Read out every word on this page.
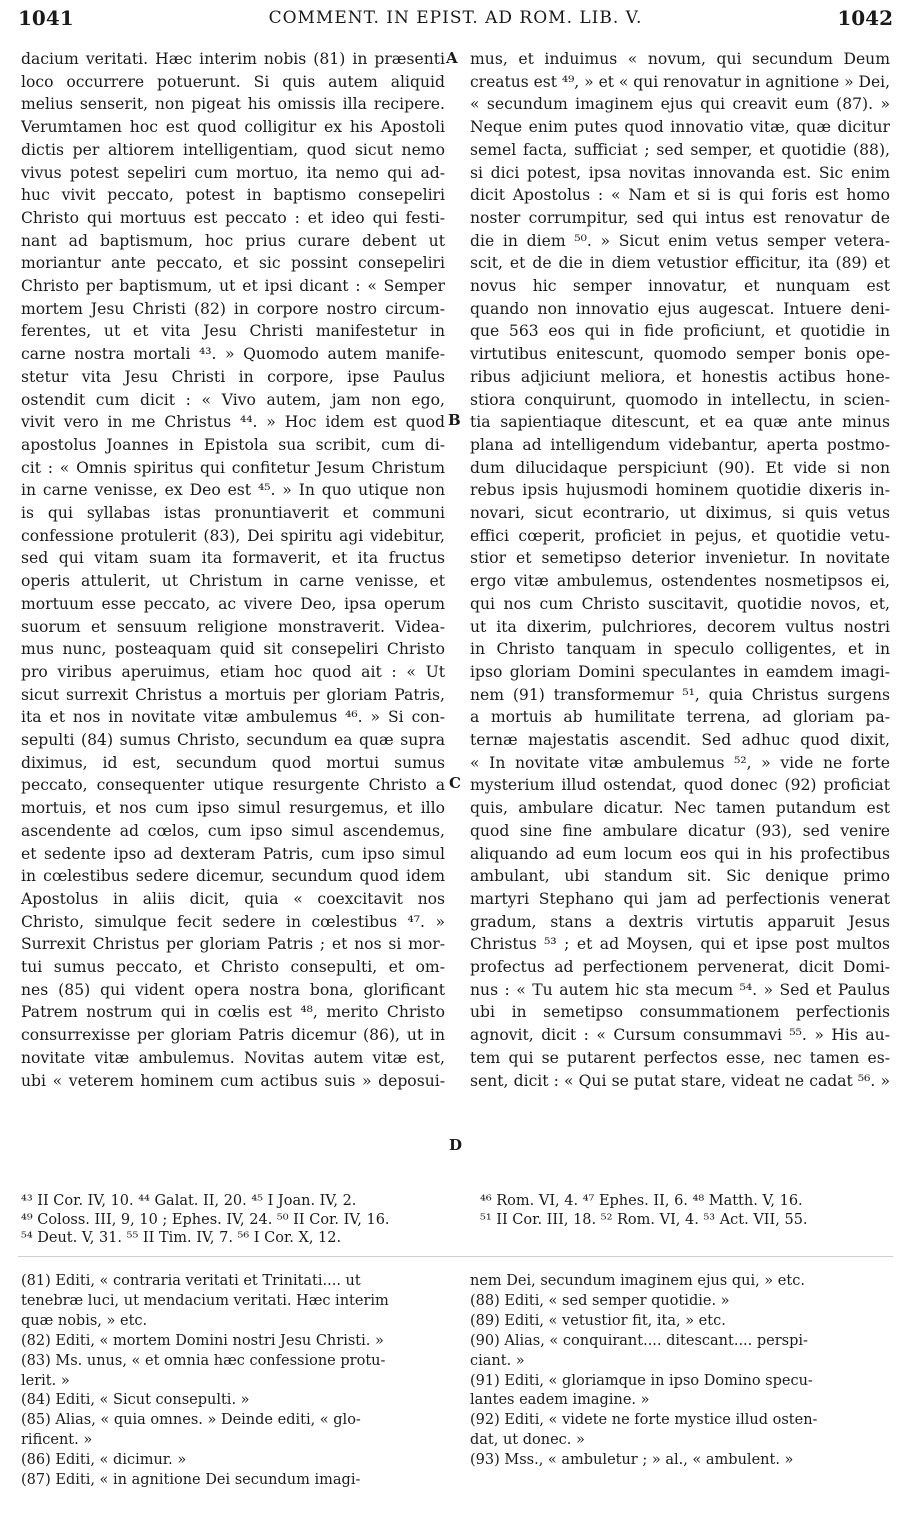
1041	COMMENT. IN EPIST. AD ROM. LIB. V.	1042
dacium veritati. Hæc interim nobis (81) in præsenti
loco occurrere potuerunt. Si quis autem aliquid
melius senserit, non pigeat his omissis illa recipere.
Verumtamen hoc est quod colligitur ex his Apostoli
dictis per altiorem intelligentiam, quod sicut nemo
vivus potest sepeliri cum mortuo, ita nemo qui ad-
huc vivit peccato, potest in baptismo consepeliri
Christo qui mortuus est peccato : et ideo qui festi-
nant ad baptismum, hoc prius curare debent ut
moriantur ante peccato, et sic possint consepeliri
Christo per baptismum, ut et ipsi dicant : « Semper
mortem Jesu Christi (82) in corpore nostro circum-
ferentes, ut et vita Jesu Christi manifestetur in
carne nostra mortali ⁴³. » Quomodo autem manife-
stetur vita Jesu Christi in corpore, ipse Paulus
ostendit cum dicit : « Vivo autem, jam non ego,
vivit vero in me Christus ⁴⁴. » Hoc idem est quod
apostolus Joannes in Epistola sua scribit, cum di-
cit : « Omnis spiritus qui confitetur Jesum Christum
in carne venisse, ex Deo est ⁴⁵. » In quo utique non
is qui syllabas istas pronuntiaverit et communi
confessione protulerit (83), Dei spiritu agi videbitur,
sed qui vitam suam ita formaverit, et ita fructus
operis attulerit, ut Christum in carne venisse, et
mortuum esse peccato, ac vivere Deo, ipsa operum
suorum et sensuum religione monstraverit. Videa-
mus nunc, posteaquam quid sit consepeliri Christo
pro viribus aperuimus, etiam hoc quod ait : « Ut
sicut surrexit Christus a mortuis per gloriam Patris,
ita et nos in novitate vitæ ambulemus ⁴⁶. » Si con-
sepulti (84) sumus Christo, secundum ea quæ supra
diximus, id est, secundum quod mortui sumus
peccato, consequenter utique resurgente Christo a
mortuis, et nos cum ipso simul resurgemus, et illo
ascendente ad cœlos, cum ipso simul ascendemus,
et sedente ipso ad dexteram Patris, cum ipso simul
in cœlestibus sedere dicemur, secundum quod idem
Apostolus in aliis dicit, quia « coexcitavit nos
Christo, simulque fecit sedere in cœlestibus ⁴⁷. »
Surrexit Christus per gloriam Patris ; et nos si mor-
tui sumus peccato, et Christo consepulti, et om-
nes (85) qui vident opera nostra bona, glorificant
Patrem nostrum qui in cœlis est ⁴⁸, merito Christo
consurrexisse per gloriam Patris dicemur (86), ut in
novitate vitæ ambulemus. Novitas autem vitæ est,
ubi « veterem hominem cum actibus suis » deposui-
mus, et induimus « novum, qui secundum Deum
creatus est ⁴⁹, » et « qui renovatur in agnitione » Dei,
« secundum imaginem ejus qui creavit eum (87). »
Neque enim putes quod innovatio vitæ, quæ dicitur
semel facta, sufficiat ; sed semper, et quotidie (88),
si dici potest, ipsa novitas innovanda est. Sic enim
dicit Apostolus : « Nam et si is qui foris est homo
noster corrumpitur, sed qui intus est renovatur de
die in diem ⁵⁰. » Sicut enim vetus semper vetera-
scit, et de die in diem vetustior efficitur, ita (89) et
novus hic semper innovatur, et nunquam est
quando non innovatio ejus augescat. Intuere deni-
que 563 eos qui in fide proficiunt, et quotidie in
virtutibus enitescunt, quomodo semper bonis ope-
ribus adjiciunt meliora, et honestis actibus hone-
stiora conquirunt, quomodo in intellectu, in scien-
tia sapientiaque ditescunt, et ea quæ ante minus
plana ad intelligendum videbantur, aperta postmo-
dum dilucidaque perspiciunt (90). Et vide si non
rebus ipsis hujusmodi hominem quotidie dixeris in-
novari, sicut econtrario, ut diximus, si quis vetus
effici cœperit, proficiet in pejus, et quotidie vetu-
stior et semetipso deterior invenietur. In novitate
ergo vitæ ambulemus, ostendentes nosmetipsos ei,
qui nos cum Christo suscitavit, quotidie novos, et,
ut ita dixerim, pulchriores, decorem vultus nostri
in Christo tanquam in speculo colligentes, et in
ipso gloriam Domini speculantes in eamdem imagi-
nem (91) transformemur ⁵¹, quia Christus surgens
a mortuis ab humilitate terrena, ad gloriam pa-
ternæ majestatis ascendit. Sed adhuc quod dixit,
« In novitate vitæ ambulemus ⁵², » vide ne forte
mysterium illud ostendat, quod donec (92) proficiat
quis, ambulare dicatur. Nec tamen putandum est
quod sine fine ambulare dicatur (93), sed venire
aliquando ad eum locum eos qui in his profectibus
ambulant, ubi standum sit. Sic denique primo
martyri Stephano qui jam ad perfectionis venerat
gradum, stans a dextris virtutis apparuit Jesus
Christus ⁵³ ; et ad Moysen, qui et ipse post multos
profectus ad perfectionem pervenerat, dicit Domi-
nus : « Tu autem hic sta mecum ⁵⁴. » Sed et Paulus
ubi in semetipso consummationem perfectionis
agnovit, dicit : « Cursum consummavi ⁵⁵. » His au-
tem qui se putarent perfectos esse, nec tamen es-
sent, dicit : « Qui se putat stare, videat ne cadat ⁵⁶. »
A
B
C
D
⁴³ II Cor. IV, 10. ⁴⁴ Galat. II, 20. ⁴⁵ I Joan. IV, 2.
⁴⁹ Coloss. III, 9, 10 ; Ephes. IV, 24. ⁵⁰ II Cor. IV, 16.
⁵⁴ Deut. V, 31. ⁵⁵ II Tim. IV, 7. ⁵⁶ I Cor. X, 12.
⁴⁶ Rom. VI, 4. ⁴⁷ Ephes. II, 6. ⁴⁸ Matth. V, 16.
⁵¹ II Cor. III, 18. ⁵² Rom. VI, 4. ⁵³ Act. VII, 55.
(81) Editi, « contraria veritati et Trinitati.... ut
tenebræ luci, ut mendacium veritati. Hæc interim
quæ nobis, » etc.
(82) Editi, « mortem Domini nostri Jesu Christi. »
(83) Ms. unus, « et omnia hæc confessione protu-
lerit. »
(84) Editi, « Sicut consepulti. »
(85) Alias, « quia omnes. » Deinde editi, « glo-
rificent. »
(86) Editi, « dicimur. »
(87) Editi, « in agnitione Dei secundum imagi-
nem Dei, secundum imaginem ejus qui, » etc.
(88) Editi, « sed semper quotidie. »
(89) Editi, « vetustior fit, ita, » etc.
(90) Alias, « conquirant.... ditescant.... perspi-
ciant. »
(91) Editi, « gloriamque in ipso Domino specu-
lantes eadem imagine. »
(92) Editi, « videte ne forte mystice illud osten-
dat, ut donec. »
(93) Mss., « ambuletur ; » al., « ambulent. »
